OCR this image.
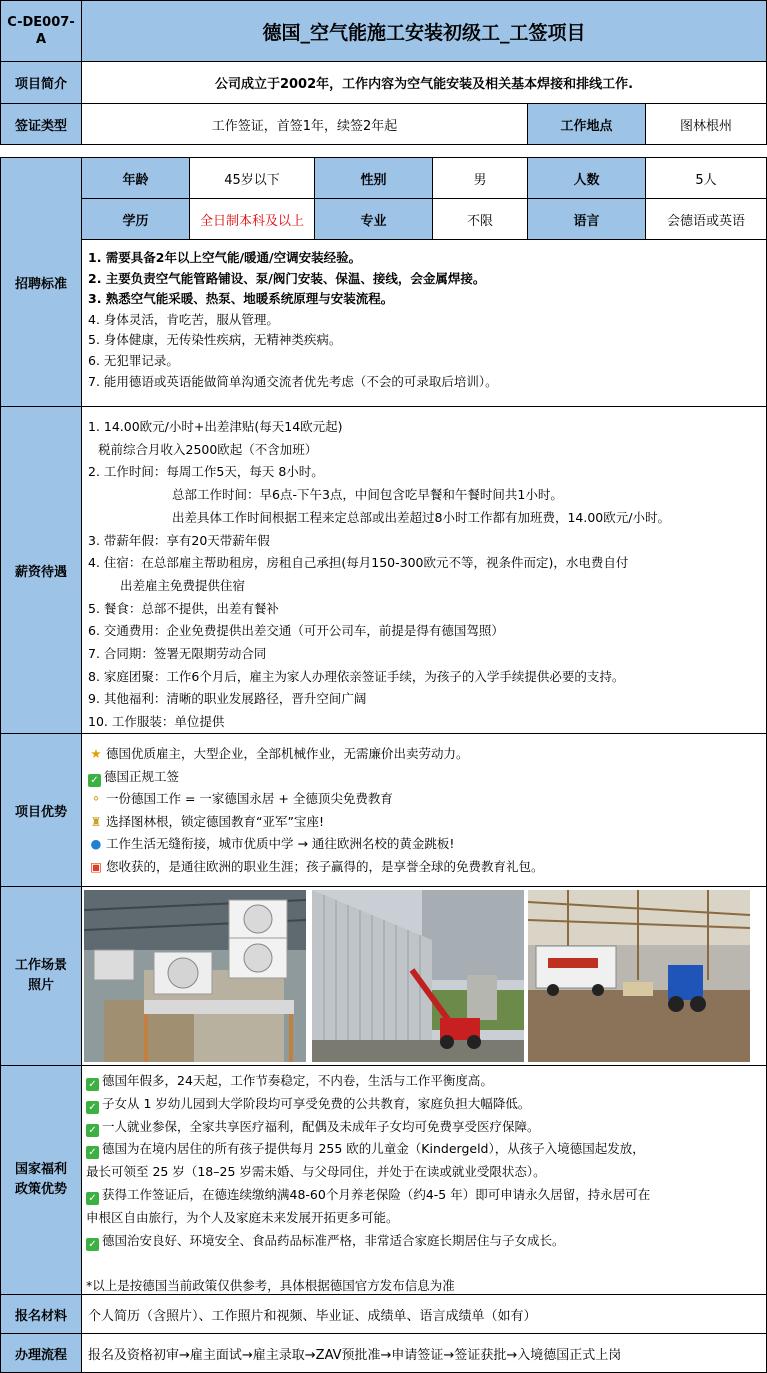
C-DE007-
A	德国_空气能施工安装初级工_工签项目
项目简介	公司成立于2002年，工作内容为空气能安装及相关基本焊接和排线工作.
签证类型	工作签证，首签1年，续签2年起	工作地点	图林根州
招聘标准
年龄	45岁以下	性别	男	人数	5人
学历	全日制本科及以上	专业	不限	语言	会德语或英语
1. 需要具备2年以上空气能/暖通/空调安装经验。
2. 主要负责空气能管路铺设、泵/阀门安装、保温、接线，会金属焊接。
3. 熟悉空气能采暖、热泵、地暖系统原理与安装流程。
4. 身体灵活，肯吃苦，服从管理。
5. 身体健康，无传染性疾病，无精神类疾病。
6. 无犯罪记录。
7. 能用德语或英语能做简单沟通交流者优先考虑（不会的可录取后培训）。
薪资待遇
1. 14.00欧元/小时+出差津贴(每天14欧元起)
税前综合月收入2500欧起（不含加班）
2. 工作时间：每周工作5天，每天 8小时。
总部工作时间：早6点-下午3点，中间包含吃早餐和午餐时间共1小时。
出差具体工作时间根据工程来定总部或出差超过8小时工作都有加班费，14.00欧元/小时。
3. 带薪年假：享有20天带薪年假
4. 住宿：在总部雇主帮助租房，房租自己承担(每月150-300欧元不等，视条件而定)，水电费自付
出差雇主免费提供住宿
5. 餐食：总部不提供，出差有餐补
6. 交通费用：企业免费提供出差交通（可开公司车，前提是得有德国驾照）
7. 合同期：签署无限期劳动合同
8. 家庭团聚：工作6个月后，雇主为家人办理依亲签证手续，为孩子的入学手续提供必要的支持。
9. 其他福利：清晰的职业发展路径，晋升空间广阔
10. 工作服装：单位提供
项目优势
★ 德国优质雇主，大型企业，全部机械作业，无需廉价出卖劳动力。
✓ 德国正规工签
⚬ 一份德国工作 = 一家德国永居 + 全德顶尖免费教育
♜ 选择图林根，锁定德国教育“亚军”宝座!
● 工作生活无缝衔接，城市优质中学 → 通往欧洲名校的黄金跳板!
▣ 您收获的，是通往欧洲的职业生涯；孩子赢得的，是享誉全球的免费教育礼包。
工作场景
照片
国家福利
政策优势
✓ 德国年假多，24天起，工作节奏稳定，不内卷，生活与工作平衡度高。
✓ 子女从 1 岁幼儿园到大学阶段均可享受免费的公共教育，家庭负担大幅降低。
✓ 一人就业参保，全家共享医疗福利，配偶及未成年子女均可免费享受医疗保障。
✓ 德国为在境内居住的所有孩子提供每月 255 欧的儿童金（Kindergeld），从孩子入境德国起发放，
最长可领至 25 岁（18–25 岁需未婚、与父母同住，并处于在读或就业受限状态）。
✓ 获得工作签证后，在德连续缴纳满48-60个月养老保险（约4-5 年）即可申请永久居留，持永居可在
申根区自由旅行，为个人及家庭未来发展开拓更多可能。
✓ 德国治安良好、环境安全、食品药品标准严格，非常适合家庭长期居住与子女成长。
*以上是按德国当前政策仅供参考，具体根据德国官方发布信息为准
报名材料	个人简历（含照片）、工作照片和视频、毕业证、成绩单、语言成绩单（如有）
办理流程	报名及资格初审→雇主面试→雇主录取→ZAV预批准→申请签证→签证获批→入境德国正式上岗
